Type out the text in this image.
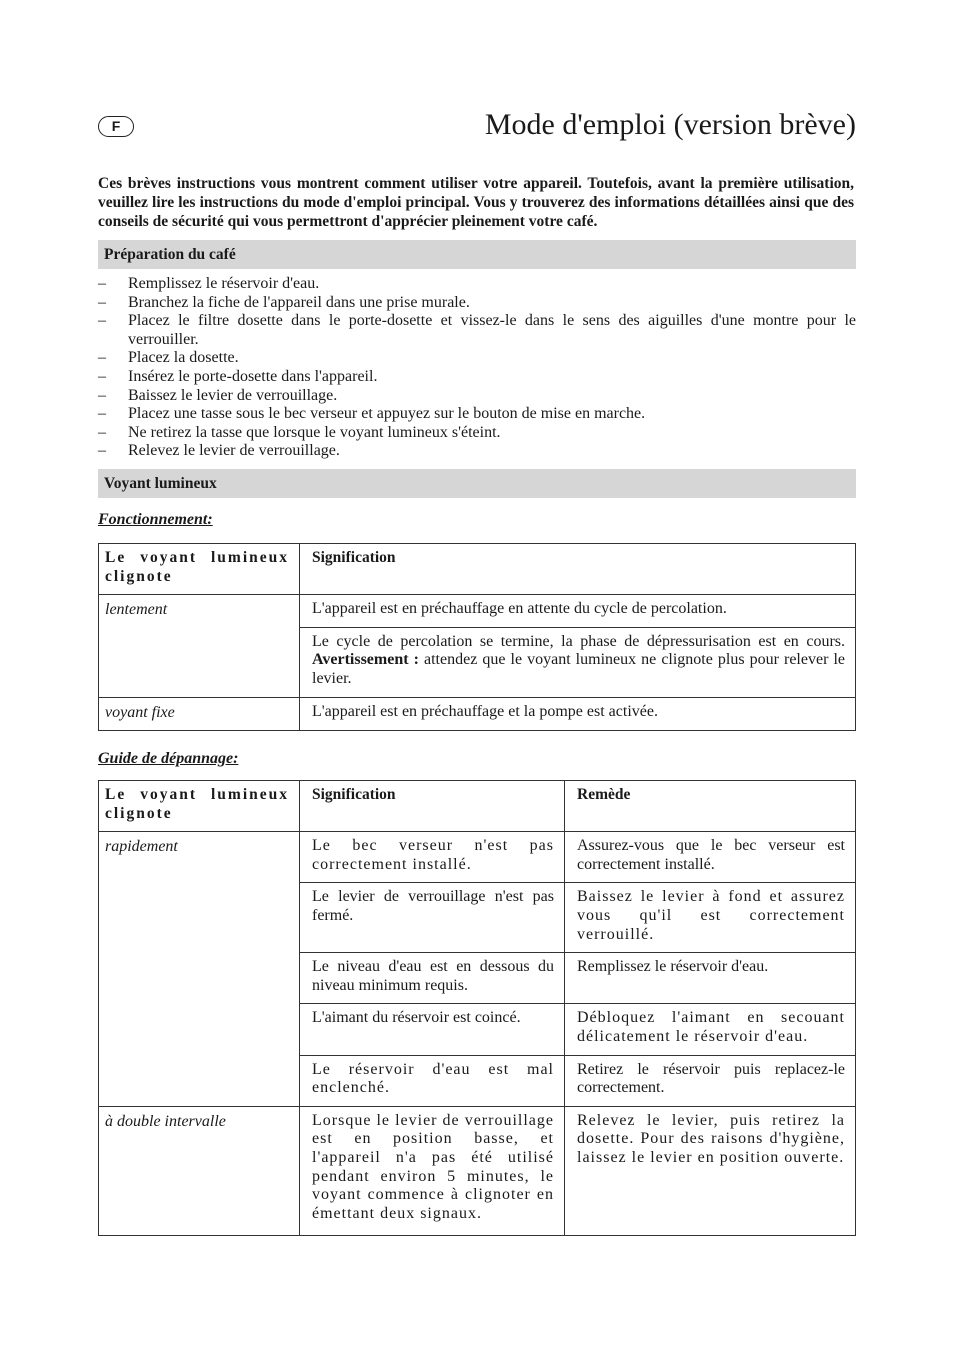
F	Mode d'emploi (version brève)

Ces brèves instructions vous montrent comment utiliser votre appareil. Toutefois, avant la première utilisation, veuillez lire les instructions du mode d'emploi principal. Vous y trouverez des informations détaillées ainsi que des conseils de sécurité qui vous permettront d'apprécier pleinement votre café.

Préparation du café
– Remplissez le réservoir d'eau.
– Branchez la fiche de l'appareil dans une prise murale.
– Placez le filtre dosette dans le porte-dosette et vissez-le dans le sens des aiguilles d'une montre pour le verrouiller.
– Placez la dosette.
– Insérez le porte-dosette dans l'appareil.
– Baissez le levier de verrouillage.
– Placez une tasse sous le bec verseur et appuyez sur le bouton de mise en marche.
– Ne retirez la tasse que lorsque le voyant lumineux s'éteint.
– Relevez le levier de verrouillage.
Voyant lumineux
Fonctionnement:
Le voyant lumineux clignote	Signification
lentement	L'appareil est en préchauffage en attente du cycle de percolation.
	Le cycle de percolation se termine, la phase de dépressurisation est en cours. Avertissement : attendez que le voyant lumineux ne clignote plus pour relever le levier.
voyant fixe	L'appareil est en préchauffage et la pompe est activée.
Guide de dépannage:
Le voyant lumineux clignote	Signification	Remède
rapidement	Le bec verseur n'est pas correctement installé.	Assurez-vous que le bec verseur est correctement installé.
	Le levier de verrouillage n'est pas fermé.	Baissez le levier à fond et assurez vous qu'il est correctement verrouillé.
	Le niveau d'eau est en dessous du niveau minimum requis.	Remplissez le réservoir d'eau.
	L'aimant du réservoir est coincé.	Débloquez l'aimant en secouant délicatement le réservoir d'eau.
	Le réservoir d'eau est mal enclenché.	Retirez le réservoir puis replacez-le correctement.
à double intervalle	Lorsque le levier de verrouillage est en position basse, et l'appareil n'a pas été utilisé pendant environ 5 minutes, le voyant commence à clignoter en émettant deux signaux.	Relevez le levier, puis retirez la dosette. Pour des raisons d'hygiène, laissez le levier en position ouverte.
